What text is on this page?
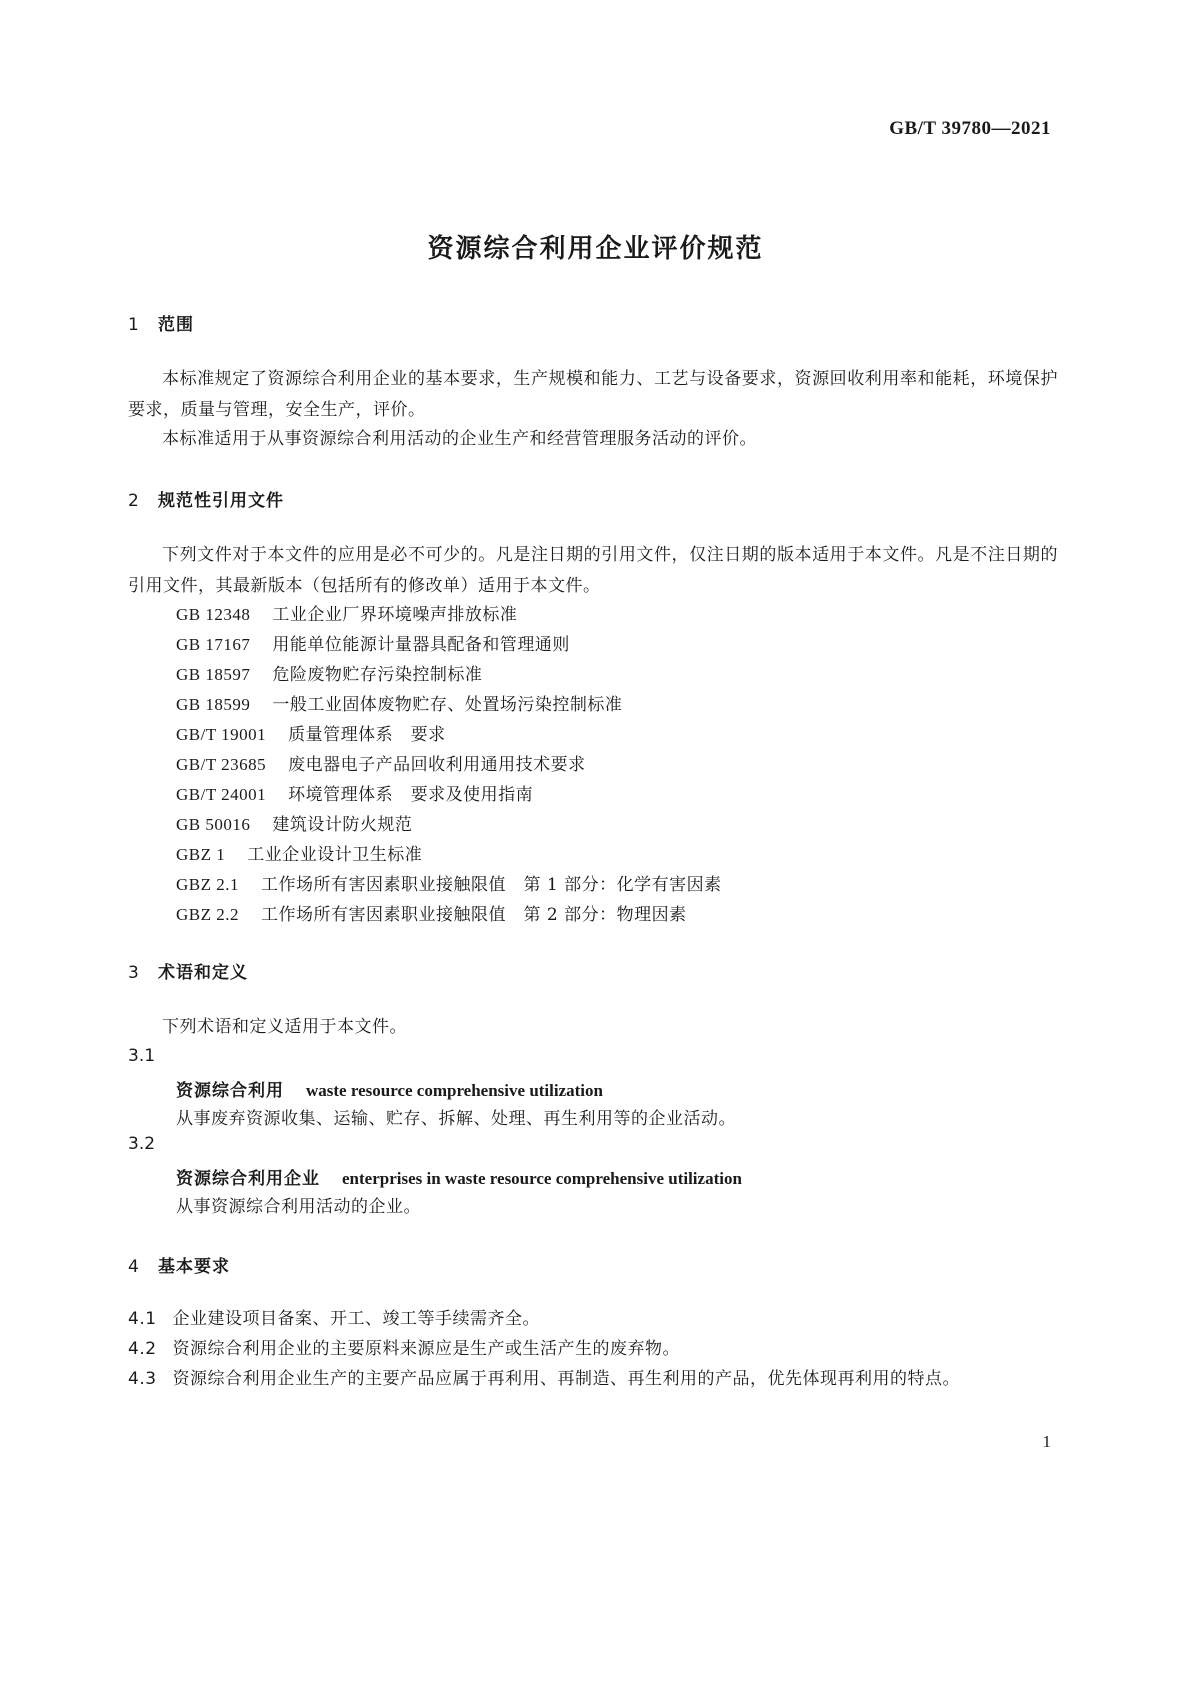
GB/T 39780—2021
资源综合利用企业评价规范
1 范围
本标准规定了资源综合利用企业的基本要求，生产规模和能力、工艺与设备要求，资源回收利用率和能耗，环境保护要求，质量与管理，安全生产，评价。
本标准适用于从事资源综合利用活动的企业生产和经营管理服务活动的评价。
2 规范性引用文件
下列文件对于本文件的应用是必不可少的。凡是注日期的引用文件，仅注日期的版本适用于本文件。凡是不注日期的引用文件，其最新版本（包括所有的修改单）适用于本文件。
GB 12348 工业企业厂界环境噪声排放标准
GB 17167 用能单位能源计量器具配备和管理通则
GB 18597 危险废物贮存污染控制标准
GB 18599 一般工业固体废物贮存、处置场污染控制标准
GB/T 19001 质量管理体系　要求
GB/T 23685 废电器电子产品回收利用通用技术要求
GB/T 24001 环境管理体系　要求及使用指南
GB 50016 建筑设计防火规范
GBZ 1 工业企业设计卫生标准
GBZ 2.1 工作场所有害因素职业接触限值　第 1 部分：化学有害因素
GBZ 2.2 工作场所有害因素职业接触限值　第 2 部分：物理因素
3 术语和定义
下列术语和定义适用于本文件。
3.1
资源综合利用 waste resource comprehensive utilization
从事废弃资源收集、运输、贮存、拆解、处理、再生利用等的企业活动。
3.2
资源综合利用企业 enterprises in waste resource comprehensive utilization
从事资源综合利用活动的企业。
4 基本要求
4.1 企业建设项目备案、开工、竣工等手续需齐全。
4.2 资源综合利用企业的主要原料来源应是生产或生活产生的废弃物。
4.3 资源综合利用企业生产的主要产品应属于再利用、再制造、再生利用的产品，优先体现再利用的特点。
1
